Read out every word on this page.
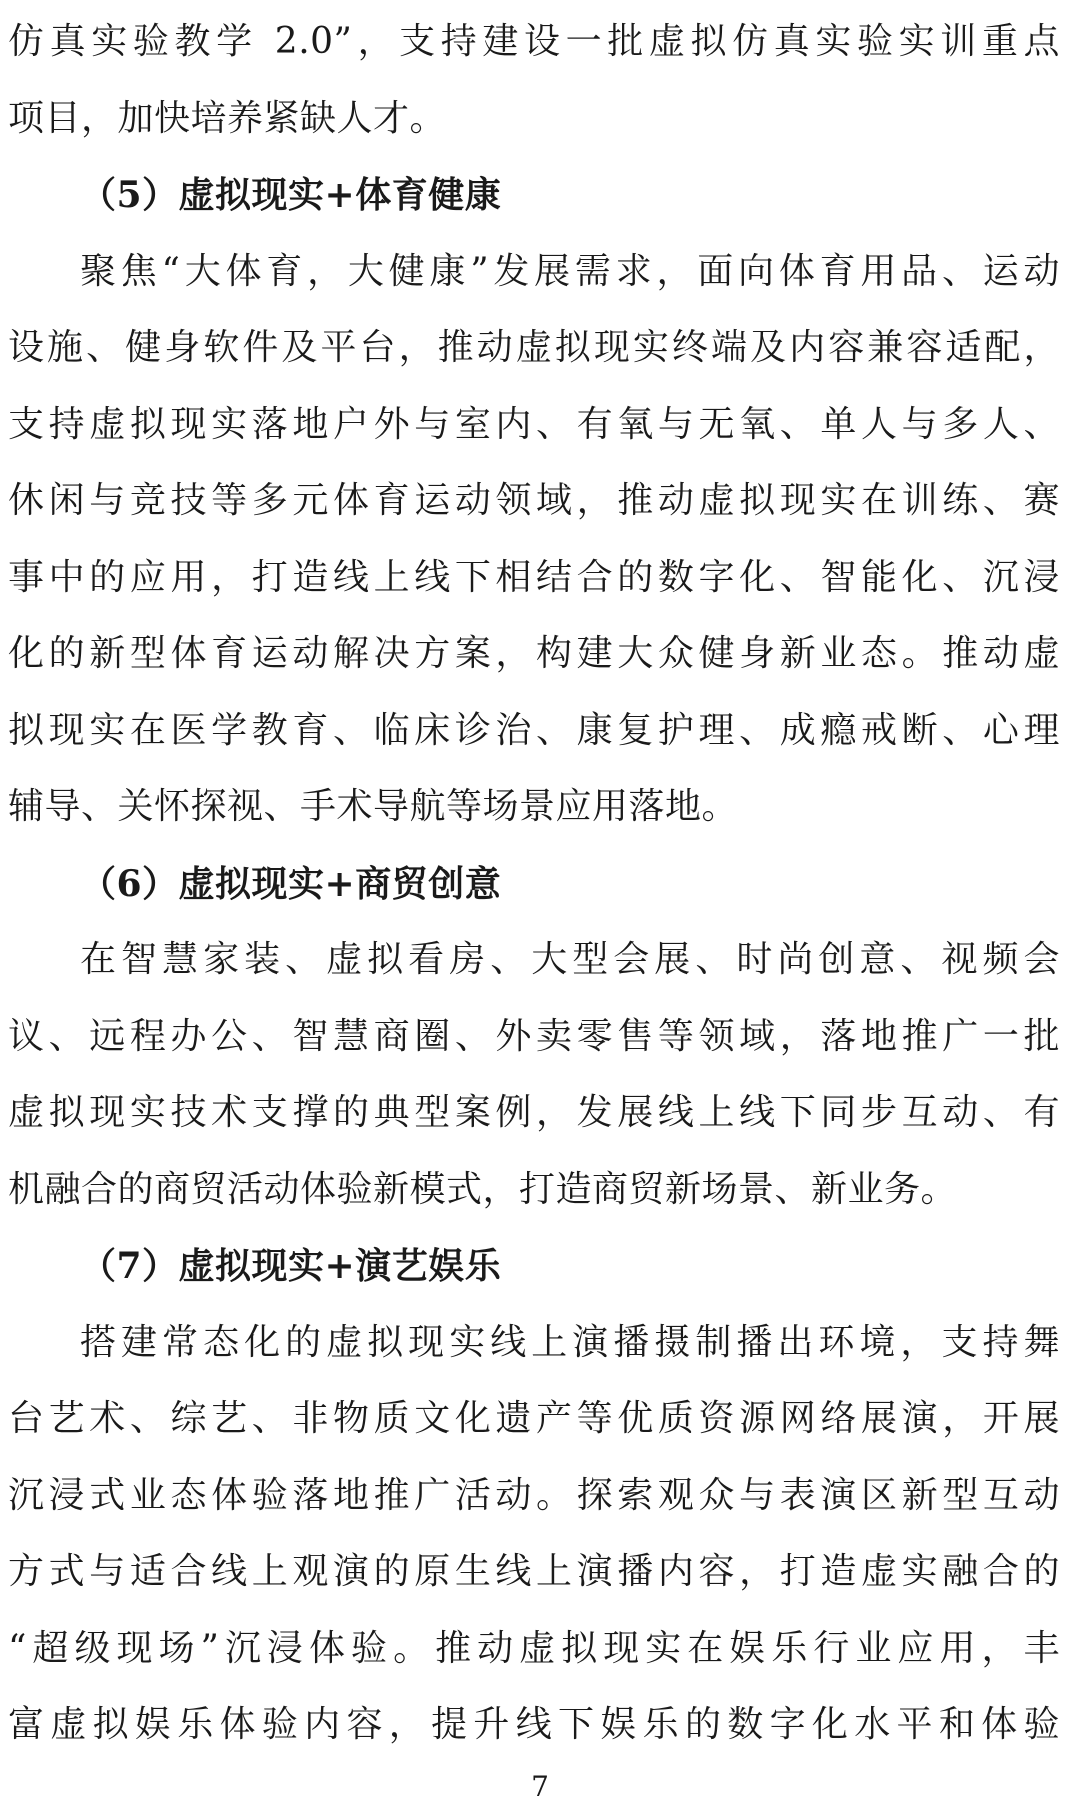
仿真实验教学 2.0”，支持建设一批虚拟仿真实验实训重点
项目，加快培养紧缺人才。
（5）虚拟现实+体育健康
聚焦“大体育，大健康”发展需求，面向体育用品、运动
设施、健身软件及平台，推动虚拟现实终端及内容兼容适配，
支持虚拟现实落地户外与室内、有氧与无氧、单人与多人、
休闲与竞技等多元体育运动领域，推动虚拟现实在训练、赛
事中的应用，打造线上线下相结合的数字化、智能化、沉浸
化的新型体育运动解决方案，构建大众健身新业态。推动虚
拟现实在医学教育、临床诊治、康复护理、成瘾戒断、心理
辅导、关怀探视、手术导航等场景应用落地。
（6）虚拟现实+商贸创意
在智慧家装、虚拟看房、大型会展、时尚创意、视频会
议、远程办公、智慧商圈、外卖零售等领域，落地推广一批
虚拟现实技术支撑的典型案例，发展线上线下同步互动、有
机融合的商贸活动体验新模式，打造商贸新场景、新业务。
（7）虚拟现实+演艺娱乐
搭建常态化的虚拟现实线上演播摄制播出环境，支持舞
台艺术、综艺、非物质文化遗产等优质资源网络展演，开展
沉浸式业态体验落地推广活动。探索观众与表演区新型互动
方式与适合线上观演的原生线上演播内容，打造虚实融合的
“超级现场”沉浸体验。推动虚拟现实在娱乐行业应用，丰
富虚拟娱乐体验内容，提升线下娱乐的数字化水平和体验
7
